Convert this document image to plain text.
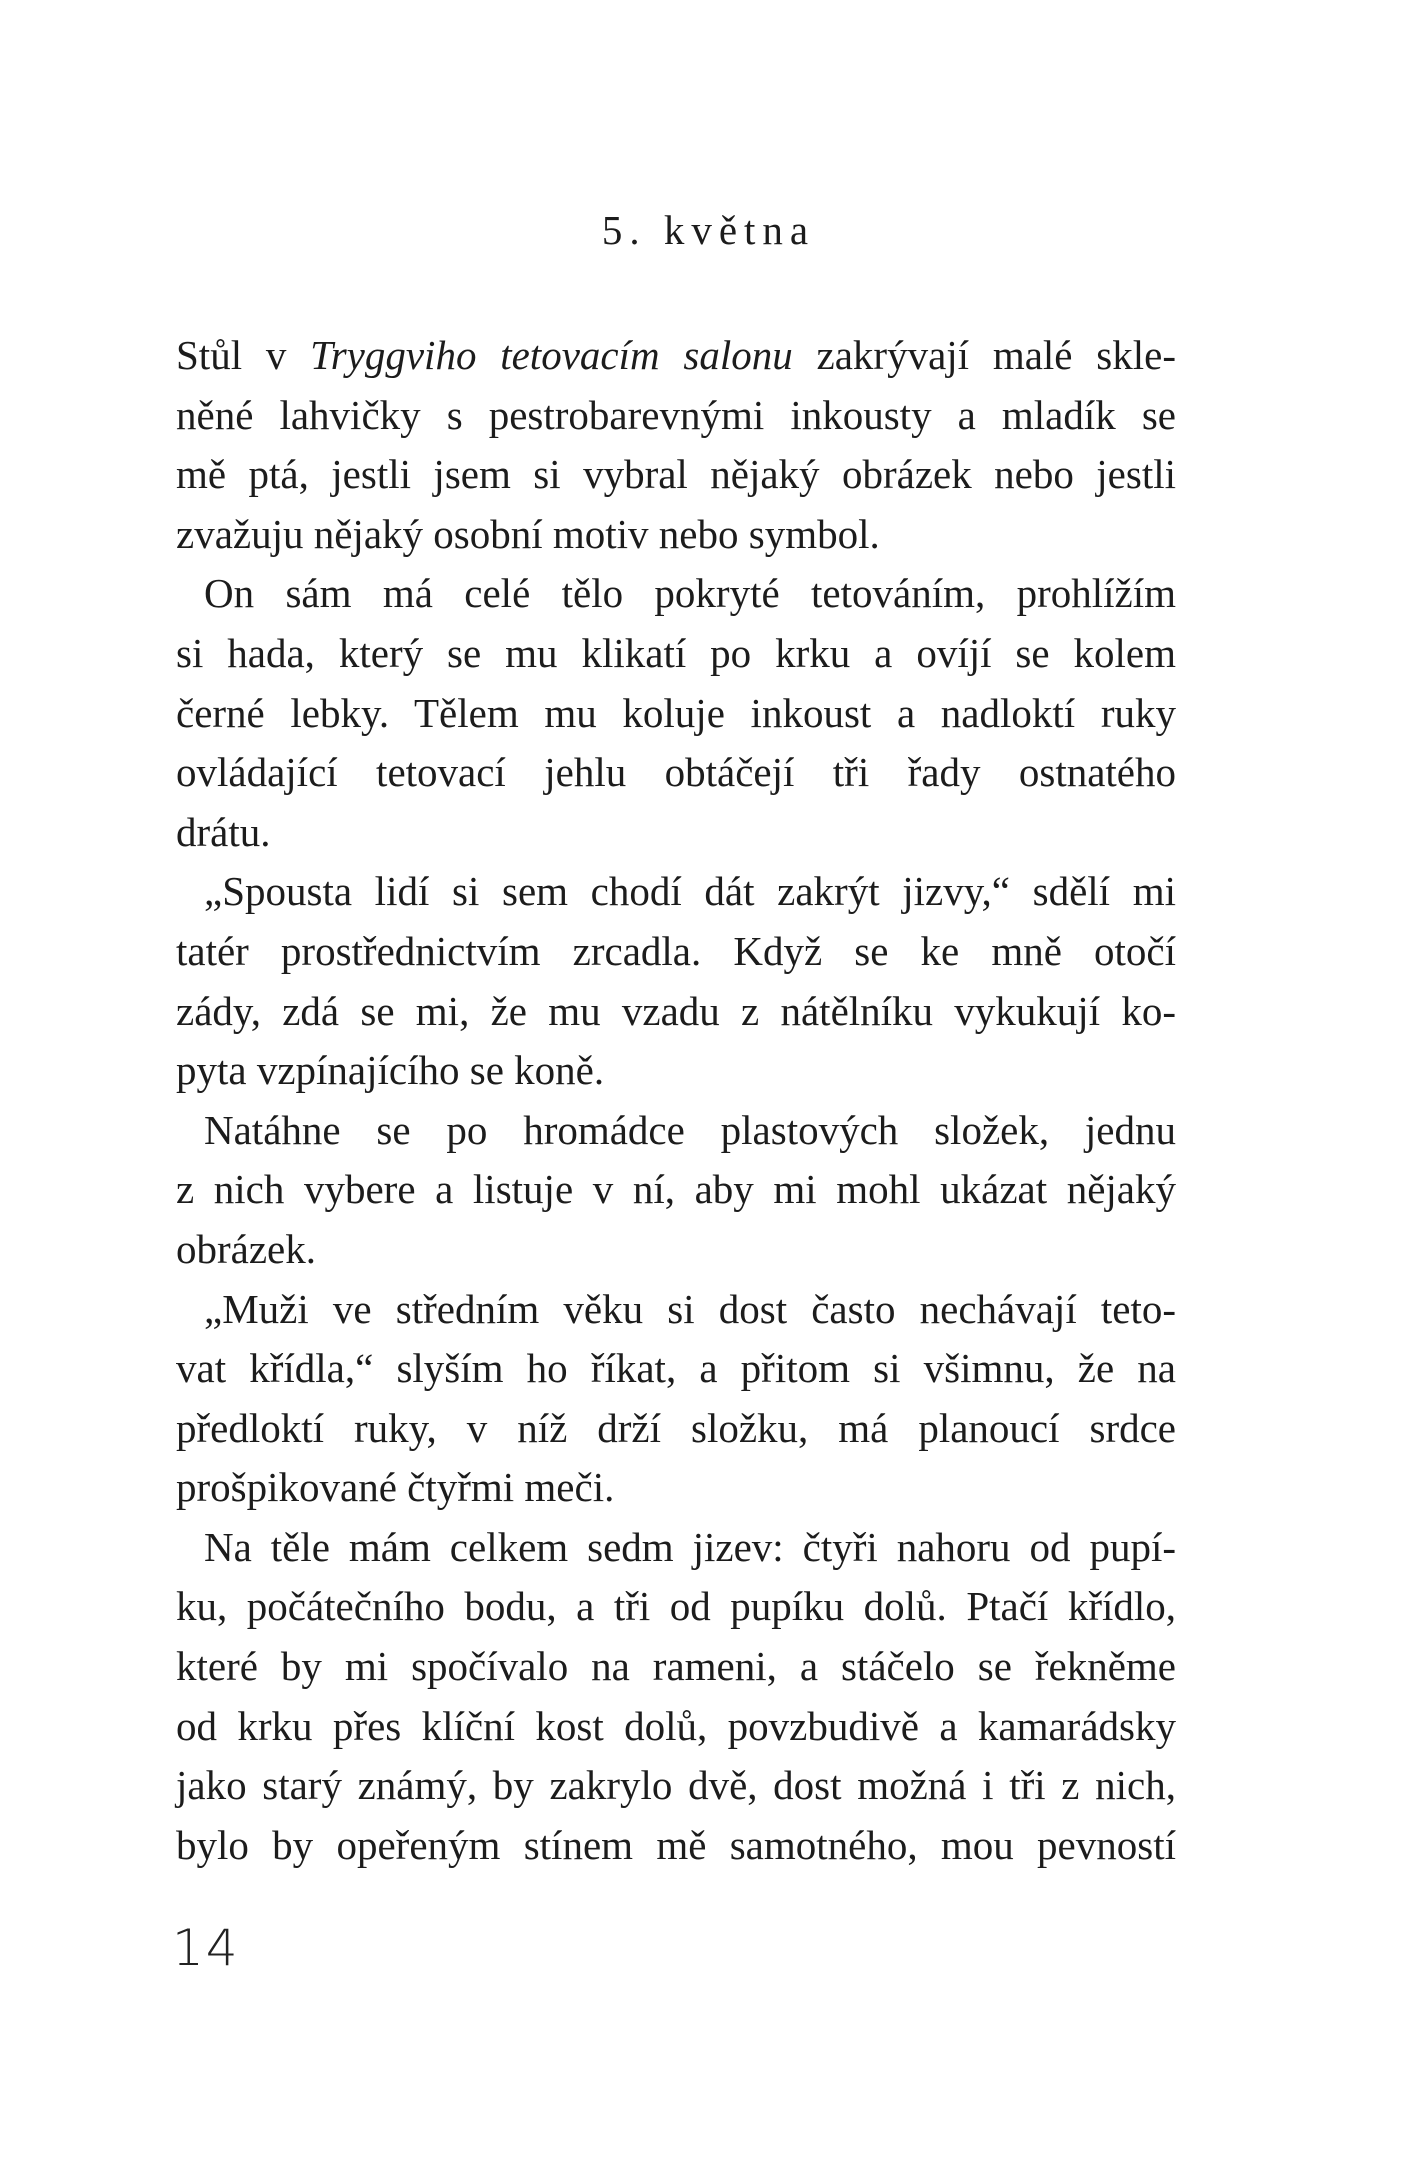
5. května
Stůl v Tryggviho tetovacím salonu zakrývají malé skle-
něné lahvičky s pestrobarevnými inkousty a mladík se
mě ptá, jestli jsem si vybral nějaký obrázek nebo jestli
zvažuju nějaký osobní motiv nebo symbol.
On sám má celé tělo pokryté tetováním, prohlížím
si hada, který se mu klikatí po krku a ovíjí se kolem
černé lebky. Tělem mu koluje inkoust a nadloktí ruky
ovládající tetovací jehlu obtáčejí tři řady ostnatého
drátu.
„Spousta lidí si sem chodí dát zakrýt jizvy,“ sdělí mi
tatér prostřednictvím zrcadla. Když se ke mně otočí
zády, zdá se mi, že mu vzadu z nátělníku vykukují ko-
pyta vzpínajícího se koně.
Natáhne se po hromádce plastových složek, jednu
z nich vybere a listuje v ní, aby mi mohl ukázat nějaký
obrázek.
„Muži ve středním věku si dost často nechávají teto-
vat křídla,“ slyším ho říkat, a přitom si všimnu, že na
předloktí ruky, v níž drží složku, má planoucí srdce
prošpikované čtyřmi meči.
Na těle mám celkem sedm jizev: čtyři nahoru od pupí-
ku, počátečního bodu, a tři od pupíku dolů. Ptačí křídlo,
které by mi spočívalo na rameni, a stáčelo se řekněme
od krku přes klíční kost dolů, povzbudivě a kamarádsky
jako starý známý, by zakrylo dvě, dost možná i tři z nich,
bylo by opeřeným stínem mě samotného, mou pevností
14
